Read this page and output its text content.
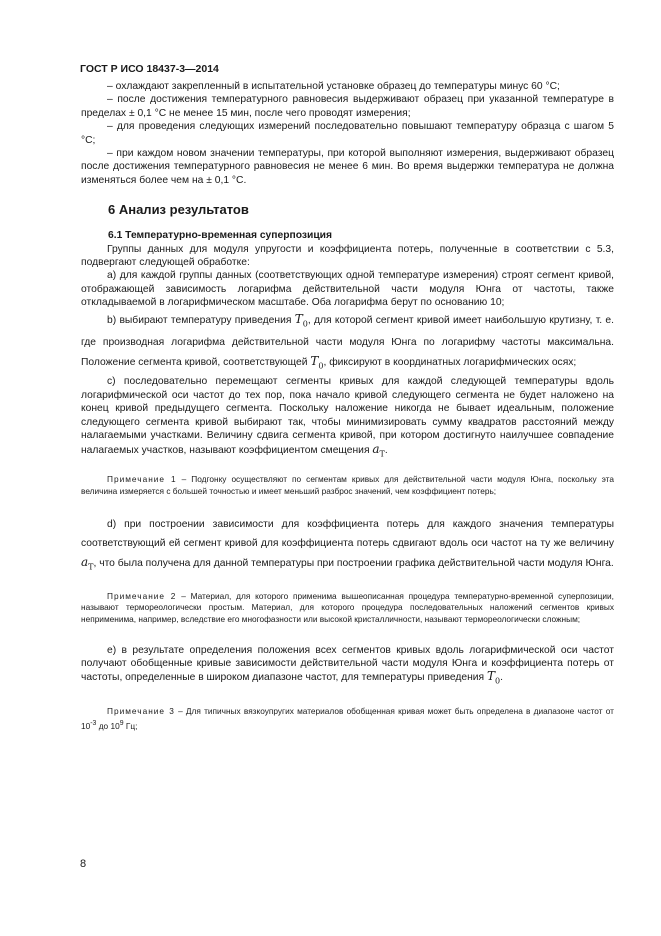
ГОСТ Р ИСО 18437-3—2014

– охлаждают закрепленный в испытательной установке образец до температуры минус 60 °С;

– после достижения температурного равновесия выдерживают образец при указанной температуре в пределах ± 0,1 °С не менее 15 мин, после чего проводят измерения;

– для проведения следующих измерений последовательно повышают температуру образца с шагом 5 °С;

– при каждом новом значении температуры, при которой выполняют измерения, выдерживают образец после достижения температурного равновесия не менее 6 мин. Во время выдержки температура не должна изменяться более чем на ± 0,1 °С.

6 Анализ результатов
6.1 Температурно-временная суперпозиция

Группы данных для модуля упругости и коэффициента потерь, полученные в соответствии с 5.3, подвергают следующей обработке:

а) для каждой группы данных (соответствующих одной температуре измерения) строят сегмент кривой, отображающей зависимость логарифма действительной части модуля Юнга от частоты, также откладываемой в логарифмическом масштабе. Оба логарифма берут по основанию 10;

b) выбирают температуру приведения $T_0$, для которой сегмент кривой имеет наибольшую крутизну, т. е. где производная логарифма действительной части модуля Юнга по логарифму частоты максимальна. Положение сегмента кривой, соответствующей $T_0$, фиксируют в координатных логарифмических осях;

с) последовательно перемещают сегменты кривых для каждой следующей температуры вдоль логарифмической оси частот до тех пор, пока начало кривой следующего сегмента не будет наложено на конец кривой предыдущего сегмента. Поскольку наложение никогда не бывает идеальным, положение следующего сегмента кривой выбирают так, чтобы минимизировать сумму квадратов расстояний между налагаемыми участками. Величину сдвига сегмента кривой, при котором достигнуто наилучшее совпадение налагаемых участков, называют коэффициентом смещения $a_T$.

Примечание 1 – Подгонку осуществляют по сегментам кривых для действительной части модуля Юнга, поскольку эта величина измеряется с большей точностью и имеет меньший разброс значений, чем коэффициент потерь;

d) при построении зависимости для коэффициента потерь для каждого значения температуры соответствующий ей сегмент кривой для коэффициента потерь сдвигают вдоль оси частот на ту же величину $a_T$, что была получена для данной температуры при построении графика действительной части модуля Юнга.

Примечание 2 – Материал, для которого применима вышеописанная процедура температурно-временной суперпозиции, называют термореологически простым. Материал, для которого процедура последовательных наложений сегментов кривых неприменима, например, вследствие его многофазности или высокой кристалличности, называют термореологически сложным;

е) в результате определения положения всех сегментов кривых вдоль логарифмической оси частот получают обобщенные кривые зависимости действительной части модуля Юнга и коэффициента потерь от частоты, определенные в широком диапазоне частот, для температуры приведения $T_0$.

Примечание 3 – Для типичных вязкоупругих материалов обобщенная кривая может быть определена в диапазоне частот от $10^{-3}$ до $10^9$ Гц;

8
